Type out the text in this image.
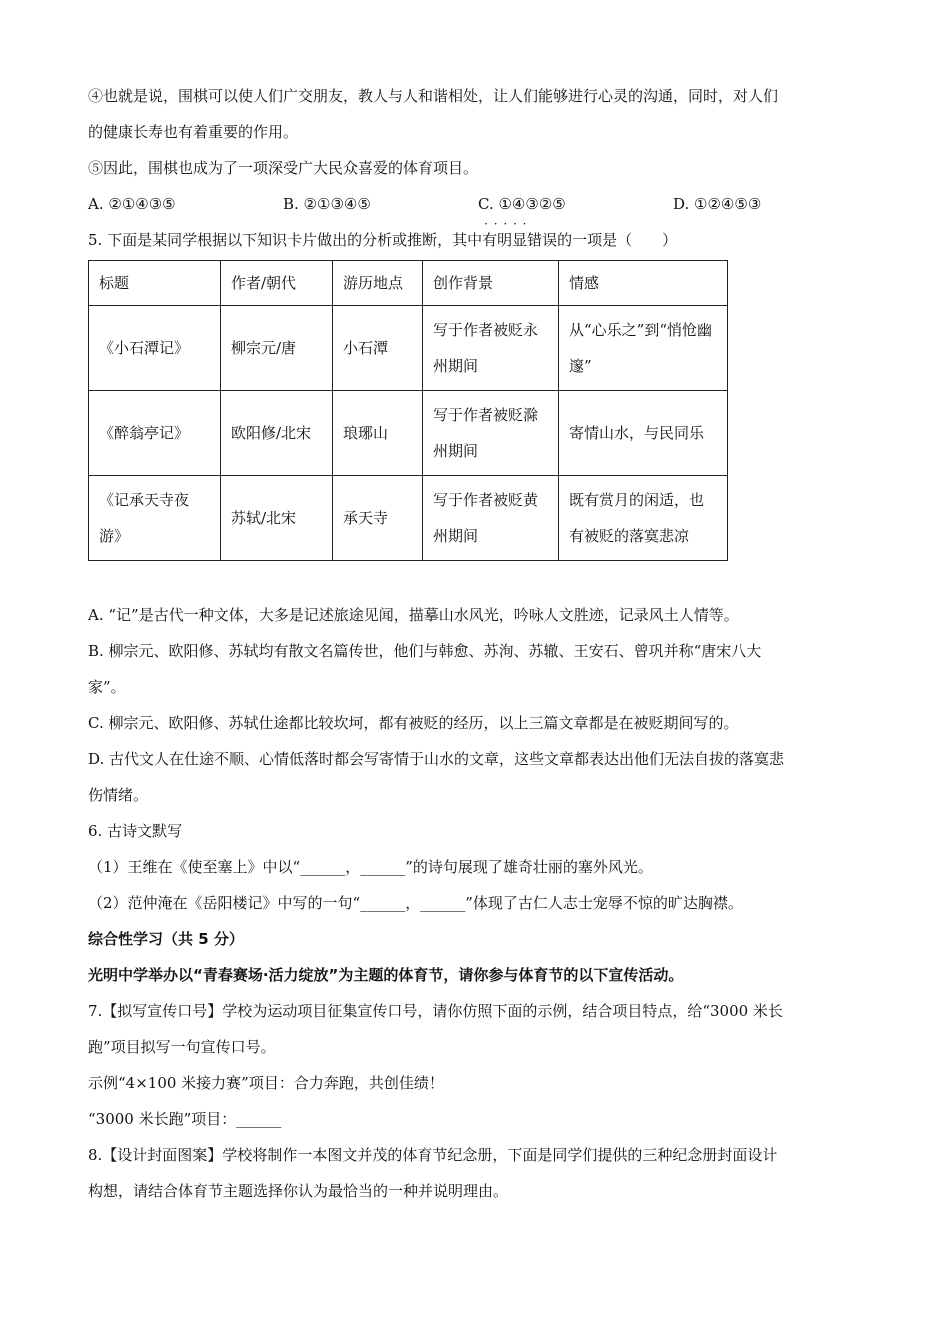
④也就是说，围棋可以使人们广交朋友，教人与人和谐相处，让人们能够进行心灵的沟通，同时，对人们

的健康长寿也有着重要的作用。

⑤因此，围棋也成为了一项深受广大民众喜爱的体育项目。

A. ②①④③⑤	B. ②①③④⑤	C. ①④③②⑤	D. ①②④⑤③

5. 下面是某同学根据以下知识卡片做出的分析或推断，其中· · · 有明显错误的一项是（　　）

标题	作者/朝代	游历地点	创作背景	情感
《小石潭记》	柳宗元/唐	小石潭	写于作者被贬永州期间	从“心乐之”到“悄怆幽邃”
《醉翁亭记》	欧阳修/北宋	琅琊山	写于作者被贬滁州期间	寄情山水，与民同乐
《记承天寺夜游》	苏轼/北宋	承天寺	写于作者被贬黄州期间	既有赏月的闲适，也有被贬的落寞悲凉

A. “记”是古代一种文体，大多是记述旅途见闻，描摹山水风光，吟咏人文胜迹，记录风土人情等。

B. 柳宗元、欧阳修、苏轼均有散文名篇传世，他们与韩愈、苏洵、苏辙、王安石、曾巩并称“唐宋八大

家”。

C. 柳宗元、欧阳修、苏轼仕途都比较坎坷，都有被贬的经历，以上三篇文章都是在被贬期间写的。

D. 古代文人在仕途不顺、心情低落时都会写寄情于山水的文章，这些文章都表达出他们无法自拔的落寞悲

伤情绪。

6. 古诗文默写

（1）王维在《使至塞上》中以“______，______”的诗句展现了雄奇壮丽的塞外风光。

（2）范仲淹在《岳阳楼记》中写的一句“______，______”体现了古仁人志士宠辱不惊的旷达胸襟。

综合性学习（共 5 分）

光明中学举办以“青春赛场·活力绽放”为主题的体育节，请你参与体育节的以下宣传活动。

7.【拟写宣传口号】学校为运动项目征集宣传口号，请你仿照下面的示例，结合项目特点，给“3000 米长

跑”项目拟写一句宣传口号。

示例“4×100 米接力赛”项目：合力奔跑，共创佳绩！

“3000 米长跑”项目：______

8.【设计封面图案】学校将制作一本图文并茂的体育节纪念册，下面是同学们提供的三种纪念册封面设计

构想，请结合体育节主题选择你认为最恰当的一种并说明理由。
